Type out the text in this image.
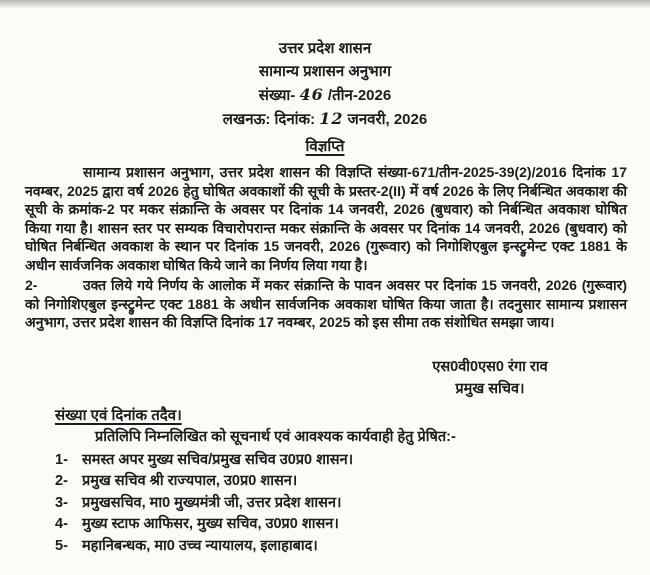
उत्तर प्रदेश शासन
सामान्य प्रशासन अनुभाग
संख्या- 46 /तीन-2026
लखनऊ: दिनांक: 12 जनवरी, 2026
विज्ञप्ति

सामान्य प्रशासन अनुभाग, उत्तर प्रदेश शासन की विज्ञप्ति संख्या-671/तीन-2025-39(2)/2016 दिनांक 17 नवम्बर, 2025 द्वारा वर्ष 2026 हेतु घोषित अवकाशों की सूची के प्रस्तर-2(II) में वर्ष 2026 के लिए निर्बन्धित अवकाश की सूची के क्रमांक-2 पर मकर संक्रान्ति के अवसर पर दिनांक 14 जनवरी, 2026 (बुधवार) को निर्बन्धित अवकाश घोषित किया गया है। शासन स्तर पर सम्यक विचारोपरान्त मकर संक्रान्ति के अवसर पर दिनांक 14 जनवरी, 2026 (बुधवार) को घोषित निर्बन्धित अवकाश के स्थान पर दिनांक 15 जनवरी, 2026 (गुरूवार) को निगोशिएबुल इन्स्ट्रुमेन्ट एक्ट 1881 के अधीन सार्वजनिक अवकाश घोषित किये जाने का निर्णय लिया गया है।

2-	उक्त लिये गये निर्णय के आलोक में मकर संक्रान्ति के पावन अवसर पर दिनांक 15 जनवरी, 2026 (गुरूवार) को निगोशिएबुल इन्स्ट्रुमेन्ट एक्ट 1881 के अधीन सार्वजनिक अवकाश घोषित किया जाता है। तदनुसार सामान्य प्रशासन अनुभाग, उत्तर प्रदेश शासन की विज्ञप्ति दिनांक 17 नवम्बर, 2025 को इस सीमा तक संशोधित समझा जाय।

एस0वी0एस0 रंगा राव
प्रमुख सचिव।
संख्या एवं दिनांक तदैव।
प्रतिलिपि निम्नलिखित को सूचनार्थ एवं आवश्यक कार्यवाही हेतु प्रेषित:-
1- समस्त अपर मुख्य सचिव/प्रमुख सचिव उ0प्र0 शासन।
2- प्रमुख सचिव श्री राज्यपाल, उ0प्र0 शासन।
3- प्रमुखसचिव, मा0 मुख्यमंत्री जी, उत्तर प्रदेश शासन।
4- मुख्य स्टाफ आफिसर, मुख्य सचिव, उ0प्र0 शासन।
5- महानिबन्धक, मा0 उच्च न्यायालय, इलाहाबाद।
